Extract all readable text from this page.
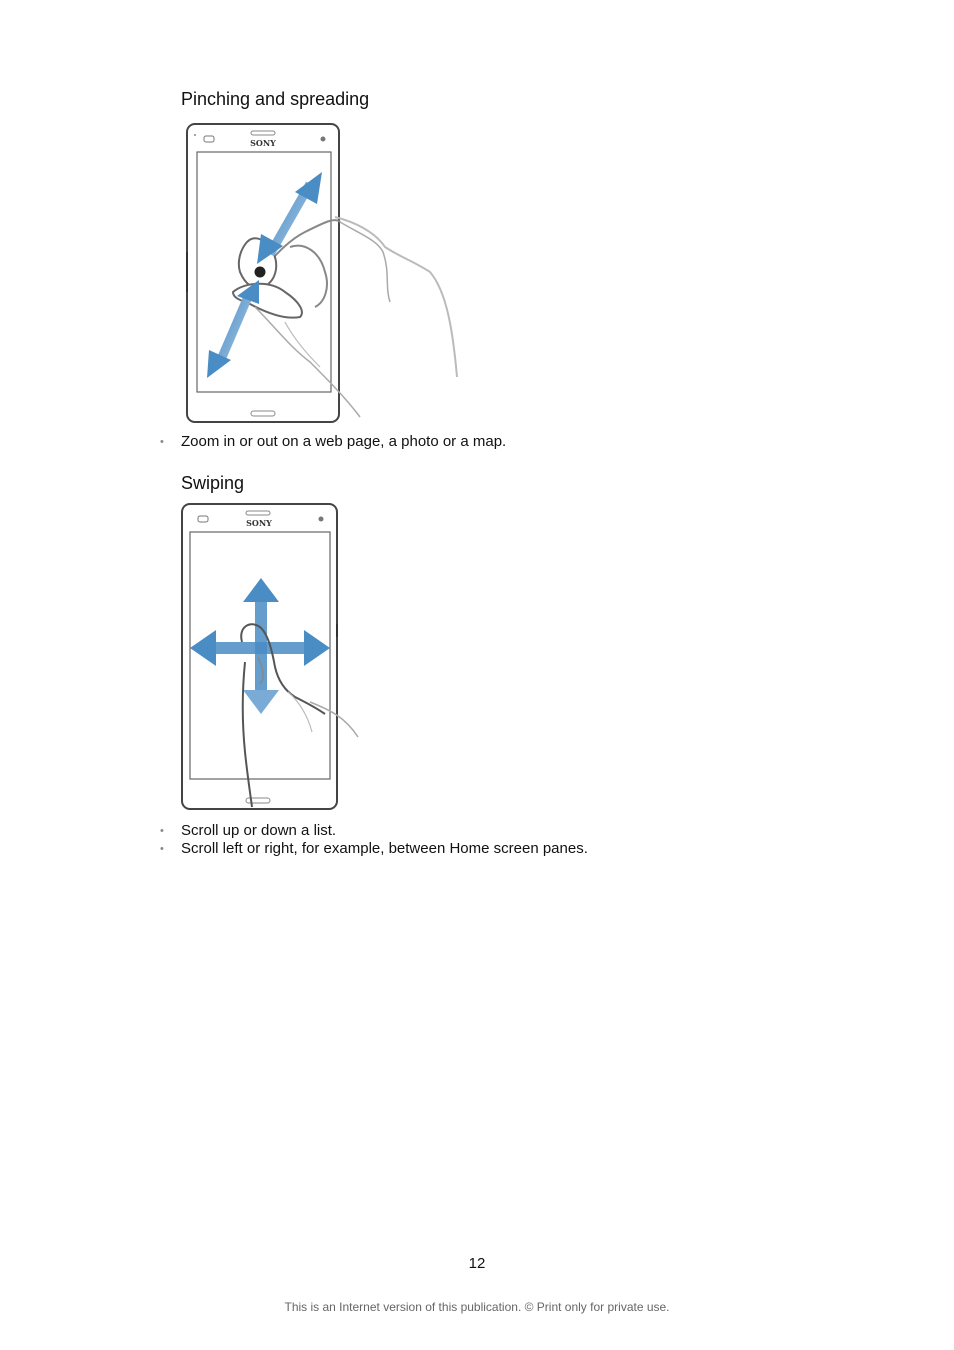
Pinching and spreading
SONY
• Zoom in or out on a web page, a photo or a map.
Swiping
SONY
• Scroll up or down a list.
• Scroll left or right, for example, between Home screen panes.
12
This is an Internet version of this publication. © Print only for private use.
